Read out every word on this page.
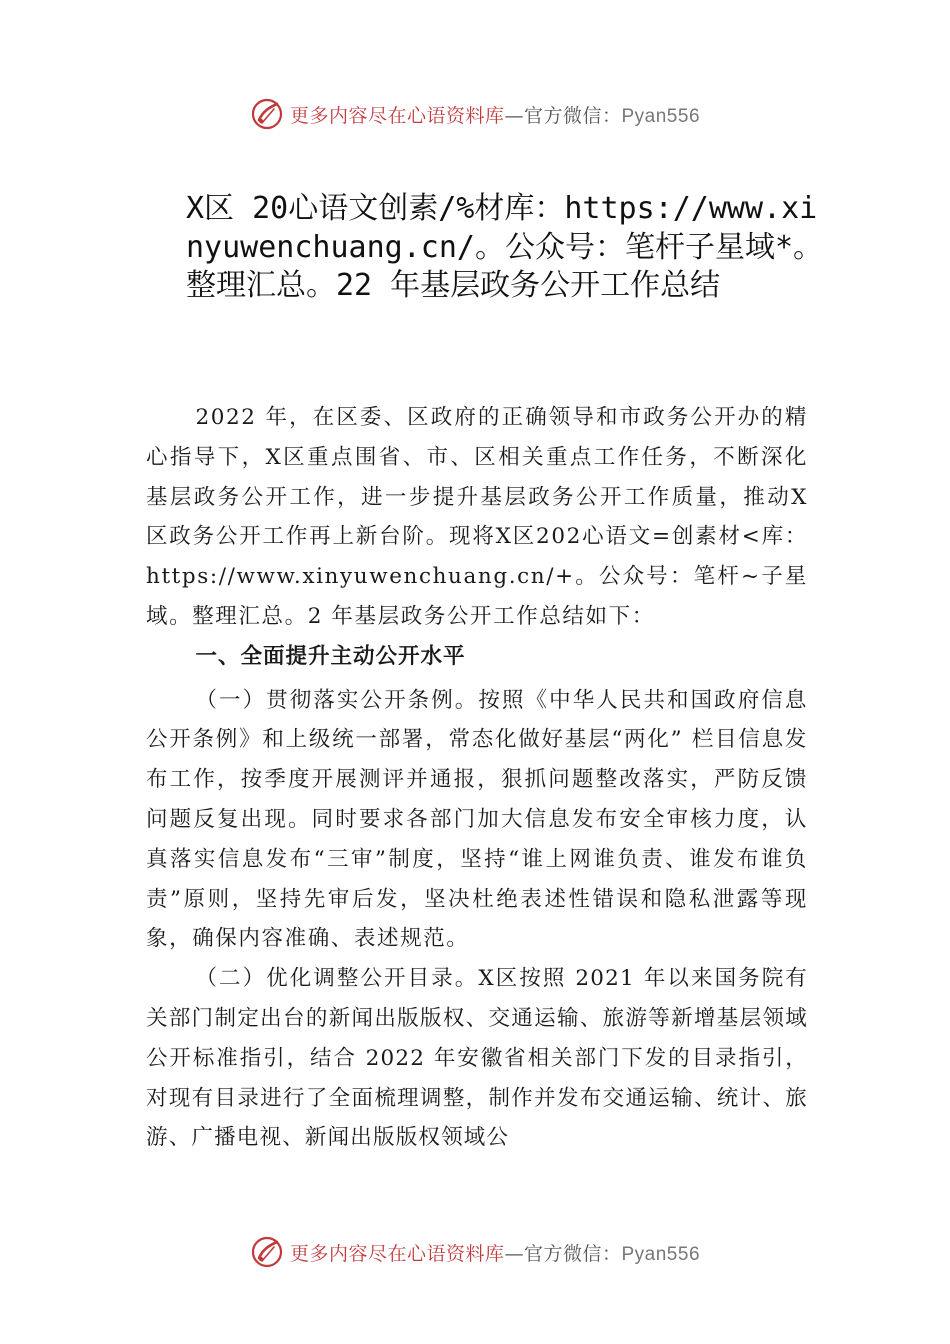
更多内容尽在心语资料库—官方微信：Pyan556
X区 20心语文创素/%材库：https://www.xinyuwenchuang.cn/。公众号：笔杆子星域*。整理汇总。22 年基层政务公开工作总结

2022 年，在区委、区政府的正确领导和市政务公开办的精心指导下，X区重点围省、市、区相关重点工作任务，不断深化基层政务公开工作，进一步提升基层政务公开工作质量，推动X区政务公开工作再上新台阶。现将X区202心语文=创素材<库：https://www.xinyuwenchuang.cn/+。公众号：笔杆~子星域。整理汇总。2 年基层政务公开工作总结如下：

一、全面提升主动公开水平

（一）贯彻落实公开条例。按照《中华人民共和国政府信息公开条例》和上级统一部署，常态化做好基层“两化” 栏目信息发布工作，按季度开展测评并通报，狠抓问题整改落实，严防反馈问题反复出现。同时要求各部门加大信息发布安全审核力度，认真落实信息发布“三审”制度，坚持“谁上网谁负责、谁发布谁负责”原则，坚持先审后发，坚决杜绝表述性错误和隐私泄露等现象，确保内容准确、表述规范。

（二）优化调整公开目录。X区按照 2021 年以来国务院有关部门制定出台的新闻出版版权、交通运输、旅游等新增基层领域公开标准指引，结合 2022 年安徽省相关部门下发的目录指引，对现有目录进行了全面梳理调整，制作并发布交通运输、统计、旅游、广播电视、新闻出版版权领域公

更多内容尽在心语资料库—官方微信：Pyan556
